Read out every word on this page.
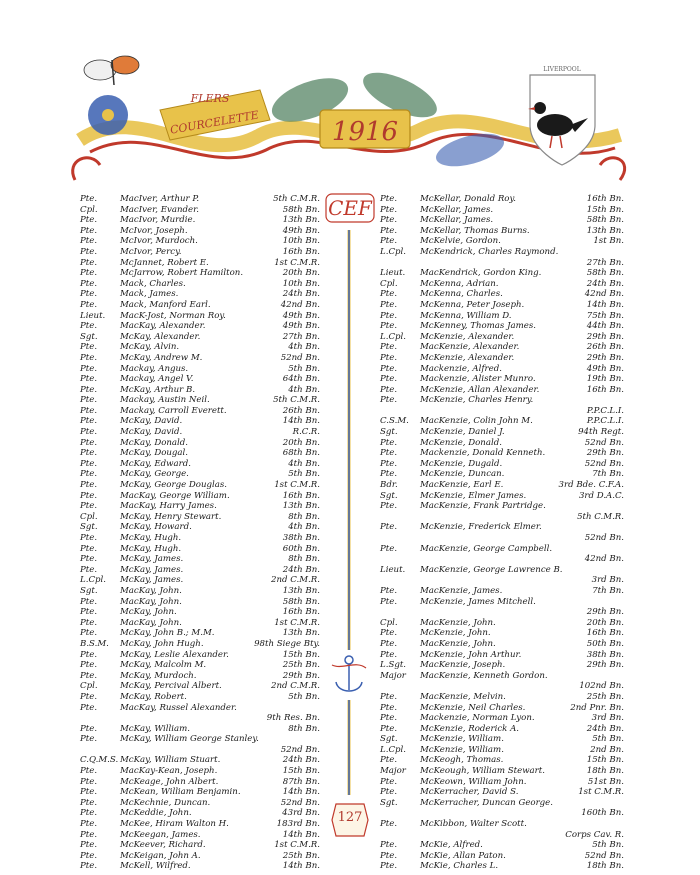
FLERS
COURCELETTE	1916
LIVERPOOL
CEF
Pte.	MacIver, Arthur P.	5th C.M.R.
Cpl.	MacIver, Evander.	58th Bn.
Pte.	MacIvor, Murdie.	13th Bn.
Pte.	McIvor, Joseph.	49th Bn.
Pte.	McIvor, Murdoch.	10th Bn.
Pte.	McIvor, Percy.	16th Bn.
Pte.	McJannet, Robert E.	1st C.M.R.
Pte.	McJarrow, Robert Hamilton.	20th Bn.
Pte.	Mack, Charles.	10th Bn.
Pte.	Mack, James.	24th Bn.
Pte.	Mack, Manford Earl.	42nd Bn.
Lieut. MacK-Jost, Norman Roy.	49th Bn.
Pte.	MacKay, Alexander.	49th Bn.
Sgt.	McKay, Alexander.	27th Bn.
Pte.	McKay, Alvin.	4th Bn.
Pte.	McKay, Andrew M.	52nd Bn.
Pte.	Mackay, Angus.	5th Bn.
Pte.	Mackay, Angel V.	64th Bn.
Pte.	McKay, Arthur B.	4th Bn.
Pte.	Mackay, Austin Neil.	5th C.M.R.
Pte.	Mackay, Carroll Everett.	26th Bn.
Pte.	McKay, David.	14th Bn.
Pte.	McKay, David.	R.C.R.
Pte.	McKay, Donald.	20th Bn.
Pte.	McKay, Dougal.	68th Bn.
Pte.	McKay, Edward.	4th Bn.
Pte.	McKay, George.	5th Bn.
Pte.	McKay, George Douglas.	1st C.M.R.
Pte.	MacKay, George William.	16th Bn.
Pte.	MacKay, Harry James.	13th Bn.
Cpl.	McKay, Henry Stewart.	8th Bn.
Sgt.	McKay, Howard.	4th Bn.
Pte.	McKay, Hugh.	38th Bn.
Pte.	McKay, Hugh.	60th Bn.
Pte.	McKay, James.	8th Bn.
Pte.	McKay, James.	24th Bn.
L.Cpl. McKay, James.	2nd C.M.R.
Sgt.	MacKay, John.	13th Bn.
Pte.	MacKay, John.	58th Bn.
Pte.	McKay, John.	16th Bn.
Pte.	MacKay, John.	1st C.M.R.
Pte.	McKay, John B.; M.M.	13th Bn.
B.S.M. McKay, John Hugh.	98th Siege Bty.
Pte.	McKay, Leslie Alexander.	15th Bn.
Pte.	McKay, Malcolm M.	25th Bn.
Pte.	McKay, Murdoch.	29th Bn.
Cpl.	McKay, Percival Albert.	2nd C.M.R.
Pte.	McKay, Robert.	5th Bn.
Pte.	MacKay, Russel Alexander.
9th Res. Bn.
Pte.	McKay, William.	8th Bn.
Pte.	McKay, William George Stanley.
52nd Bn.
C.Q.M.S. McKay, William Stuart.	24th Bn.
Pte.	MacKay-Kean, Joseph.	15th Bn.
Pte.	McKeage, John Albert.	87th Bn.
Pte.	McKean, William Benjamin.	14th Bn.
Pte.	McKechnie, Duncan.	52nd Bn.
Pte.	McKeddie, John.	43rd Bn.
Pte.	McKee, Hiram Walton H.	183rd Bn.
Pte.	McKeegan, James.	14th Bn.
Pte.	McKeever, Richard.	1st C.M.R.
Pte.	McKeigan, John A.	25th Bn.
Pte.	McKell, Wilfred.	14th Bn.
Pte.	McKellar, Donald Roy.	16th Bn.
Pte.	McKellar, James.	15th Bn.
Pte.	McKellar, James.	58th Bn.
Pte.	McKellar, Thomas Burns.	13th Bn.
Pte.	McKelvie, Gordon.	1st Bn.
L.Cpl. McKendrick, Charles Raymond.
27th Bn.
Lieut. MacKendrick, Gordon King.	58th Bn.
Cpl.	McKenna, Adrian.	24th Bn.
Pte.	McKenna, Charles.	42nd Bn.
Pte.	McKenna, Peter Joseph.	14th Bn.
Pte.	McKenna, William D.	75th Bn.
Pte.	McKenney, Thomas James.	44th Bn.
L.Cpl. McKenzie, Alexander.	29th Bn.
Pte.	MacKenzie, Alexander.	26th Bn.
Pte.	McKenzie, Alexander.	29th Bn.
Pte.	Mackenzie, Alfred.	49th Bn.
Pte.	Mackenzie, Alister Munro.	19th Bn.
Pte.	McKenzie, Allan Alexander.	16th Bn.
Pte.	McKenzie, Charles Henry.
P.P.C.L.I.
C.S.M. MacKenzie, Colin John M.	P.P.C.L.I.
Sgt.	McKenzie, Daniel J.	94th Regt.
Pte.	McKenzie, Donald.	52nd Bn.
Pte.	Mackenzie, Donald Kenneth.	29th Bn.
Pte.	McKenzie, Dugald.	52nd Bn.
Pte.	McKenzie, Duncan.	7th Bn.
Bdr.	MacKenzie, Earl E.	3rd Bde. C.F.A.
Sgt.	McKenzie, Elmer James.	3rd D.A.C.
Pte.	MacKenzie, Frank Partridge.
5th C.M.R.
Pte.	McKenzie, Frederick Elmer.
52nd Bn.
Pte.	MacKenzie, George Campbell.
42nd Bn.
Lieut. MacKenzie, George Lawrence B.
3rd Bn.
Pte.	MacKenzie, James.	7th Bn.
Pte.	McKenzie, James Mitchell.
29th Bn.
Cpl.	MacKenzie, John.	20th Bn.
Pte.	McKenzie, John.	16th Bn.
Pte.	MacKenzie, John.	50th Bn.
Pte.	McKenzie, John Arthur.	38th Bn.
L.Sgt. MacKenzie, Joseph.	29th Bn.
Major MacKenzie, Kenneth Gordon.
102nd Bn.
Pte.	MacKenzie, Melvin.	25th Bn.
Pte.	McKenzie, Neil Charles.	2nd Pnr. Bn.
Pte.	Mackenzie, Norman Lyon.	3rd Bn.
Pte.	McKenzie, Roderick A.	24th Bn.
Sgt.	McKenzie, William.	5th Bn.
L.Cpl. McKenzie, William.	2nd Bn.
Pte.	McKeogh, Thomas.	15th Bn.
Major McKeough, William Stewart.	18th Bn.
Pte.	McKeown, William John.	51st Bn.
Pte.	McKerracher, David S.	1st C.M.R.
Sgt.	McKerracher, Duncan George.
160th Bn.
Pte.	McKibbon, Walter Scott.
Corps Cav. R.
Pte.	McKie, Alfred.	5th Bn.
Pte.	McKie, Allan Paton.	52nd Bn.
Pte.	McKie, Charles L.	18th Bn.
127
